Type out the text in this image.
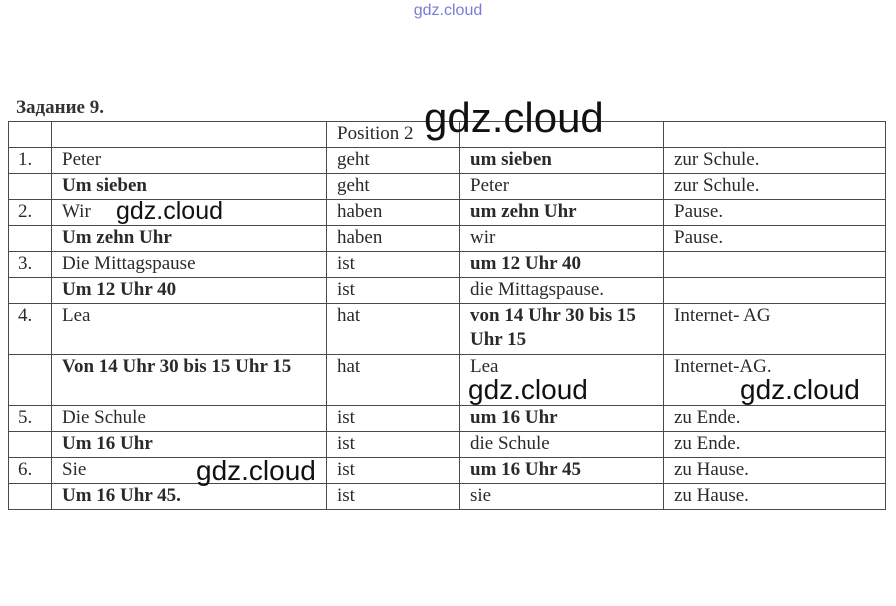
gdz.cloud
Задание 9.
		Position 2		
1.	Peter	geht	um sieben	zur Schule.
	Um sieben	geht	Peter	zur Schule.
2.	Wir	haben	um zehn Uhr	Pause.
	Um zehn Uhr	haben	wir	Pause.
3.	Die Mittagspause	ist	um 12 Uhr 40	
	Um 12 Uhr 40	ist	die Mittagspause.	
4.	Lea	hat	von 14 Uhr 30 bis 15 Uhr 15	Internet- AG
	Von 14 Uhr 30 bis 15 Uhr 15	hat	Lea	Internet-AG.
5.	Die Schule	ist	um 16 Uhr	zu Ende.
	Um 16 Uhr	ist	die Schule	zu Ende.
6.	Sie	ist	um 16 Uhr 45	zu Hause.
	Um 16 Uhr 45.	ist	sie	zu Hause.
gdz.cloud
gdz.cloud
gdz.cloud	gdz.cloud
gdz.cloud
